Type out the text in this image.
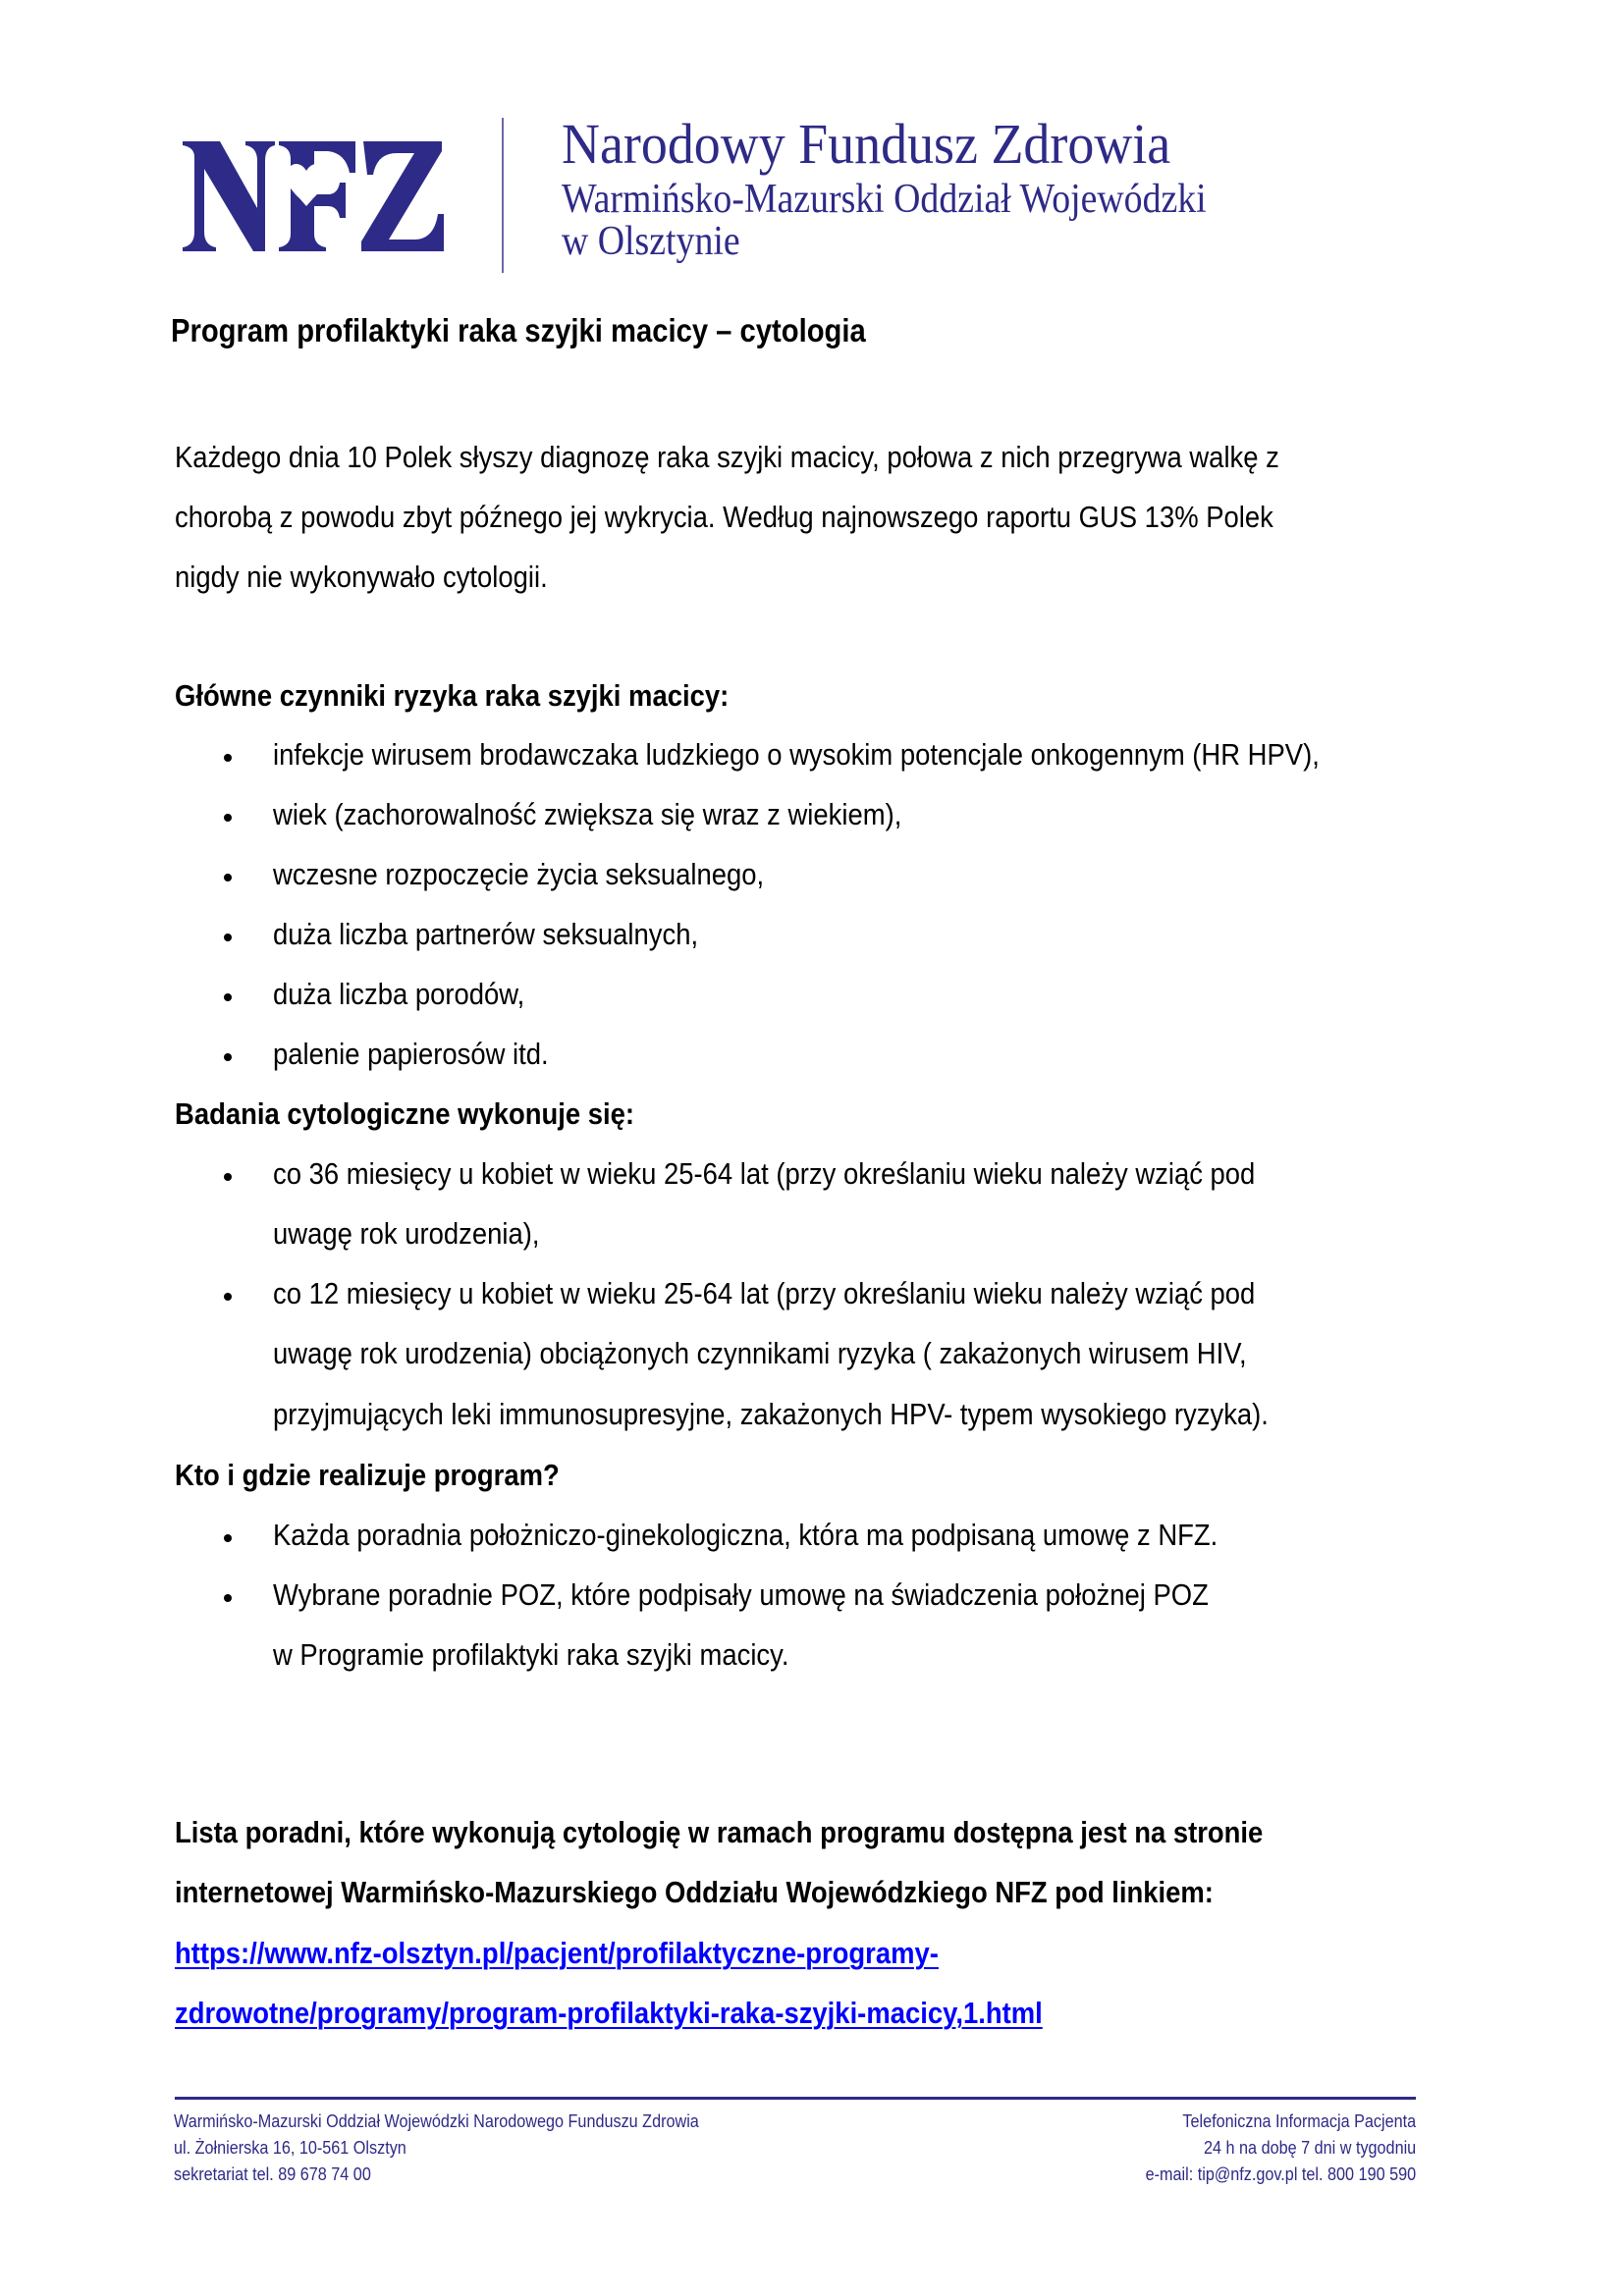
Narodowy Fundusz Zdrowia
Warmińsko-Mazurski Oddział Wojewódzki
w Olsztynie
Program profilaktyki raka szyjki macicy – cytologia
Każdego dnia 10 Polek słyszy diagnozę raka szyjki macicy, połowa z nich przegrywa walkę z
chorobą z powodu zbyt późnego jej wykrycia. Według najnowszego raportu GUS 13% Polek
nigdy nie wykonywało cytologii.
Główne czynniki ryzyka raka szyjki macicy:
infekcje wirusem brodawczaka ludzkiego o wysokim potencjale onkogennym (HR HPV),
wiek (zachorowalność zwiększa się wraz z wiekiem),
wczesne rozpoczęcie życia seksualnego,
duża liczba partnerów seksualnych,
duża liczba porodów,
palenie papierosów itd.
Badania cytologiczne wykonuje się:
co 36 miesięcy u kobiet w wieku 25-64 lat (przy określaniu wieku należy wziąć pod
uwagę rok urodzenia),
co 12 miesięcy u kobiet w wieku 25-64 lat (przy określaniu wieku należy wziąć pod
uwagę rok urodzenia) obciążonych czynnikami ryzyka ( zakażonych wirusem HIV,
przyjmujących leki immunosupresyjne, zakażonych HPV- typem wysokiego ryzyka).
Kto i gdzie realizuje program?
Każda poradnia położniczo-ginekologiczna, która ma podpisaną umowę z NFZ.
Wybrane poradnie POZ, które podpisały umowę na świadczenia położnej POZ
w Programie profilaktyki raka szyjki macicy.
Lista poradni, które wykonują cytologię w ramach programu dostępna jest na stronie
internetowej Warmińsko-Mazurskiego Oddziału Wojewódzkiego NFZ pod linkiem:
https://www.nfz-olsztyn.pl/pacjent/profilaktyczne-programy-
zdrowotne/programy/program-profilaktyki-raka-szyjki-macicy,1.html
Warmińsko-Mazurski Oddział Wojewódzki Narodowego Funduszu Zdrowia
ul. Żołnierska 16, 10-561 Olsztyn
sekretariat tel. 89 678 74 00
Telefoniczna Informacja Pacjenta
24 h na dobę 7 dni w tygodniu
e-mail: tip@nfz.gov.pl tel. 800 190 590
